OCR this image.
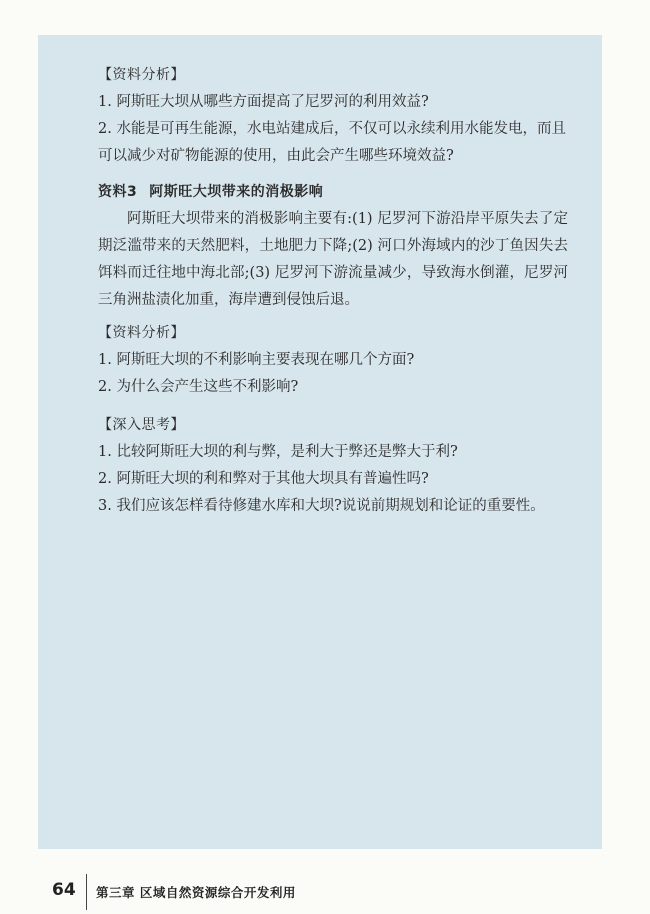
【资料分析】
1. 阿斯旺大坝从哪些方面提高了尼罗河的利用效益?
2. 水能是可再生能源，水电站建成后，不仅可以永续利用水能发电，而且可以减少对矿物能源的使用，由此会产生哪些环境效益?
资料3 阿斯旺大坝带来的消极影响
阿斯旺大坝带来的消极影响主要有:(1) 尼罗河下游沿岸平原失去了定期泛滥带来的天然肥料，土地肥力下降;(2) 河口外海域内的沙丁鱼因失去饵料而迁往地中海北部;(3) 尼罗河下游流量减少，导致海水倒灌，尼罗河三角洲盐渍化加重，海岸遭到侵蚀后退。
【资料分析】
1. 阿斯旺大坝的不利影响主要表现在哪几个方面?
2. 为什么会产生这些不利影响?
【深入思考】
1. 比较阿斯旺大坝的利与弊，是利大于弊还是弊大于利?
2. 阿斯旺大坝的利和弊对于其他大坝具有普遍性吗?
3. 我们应该怎样看待修建水库和大坝?说说前期规划和论证的重要性。
64 第三章 区域自然资源综合开发利用
